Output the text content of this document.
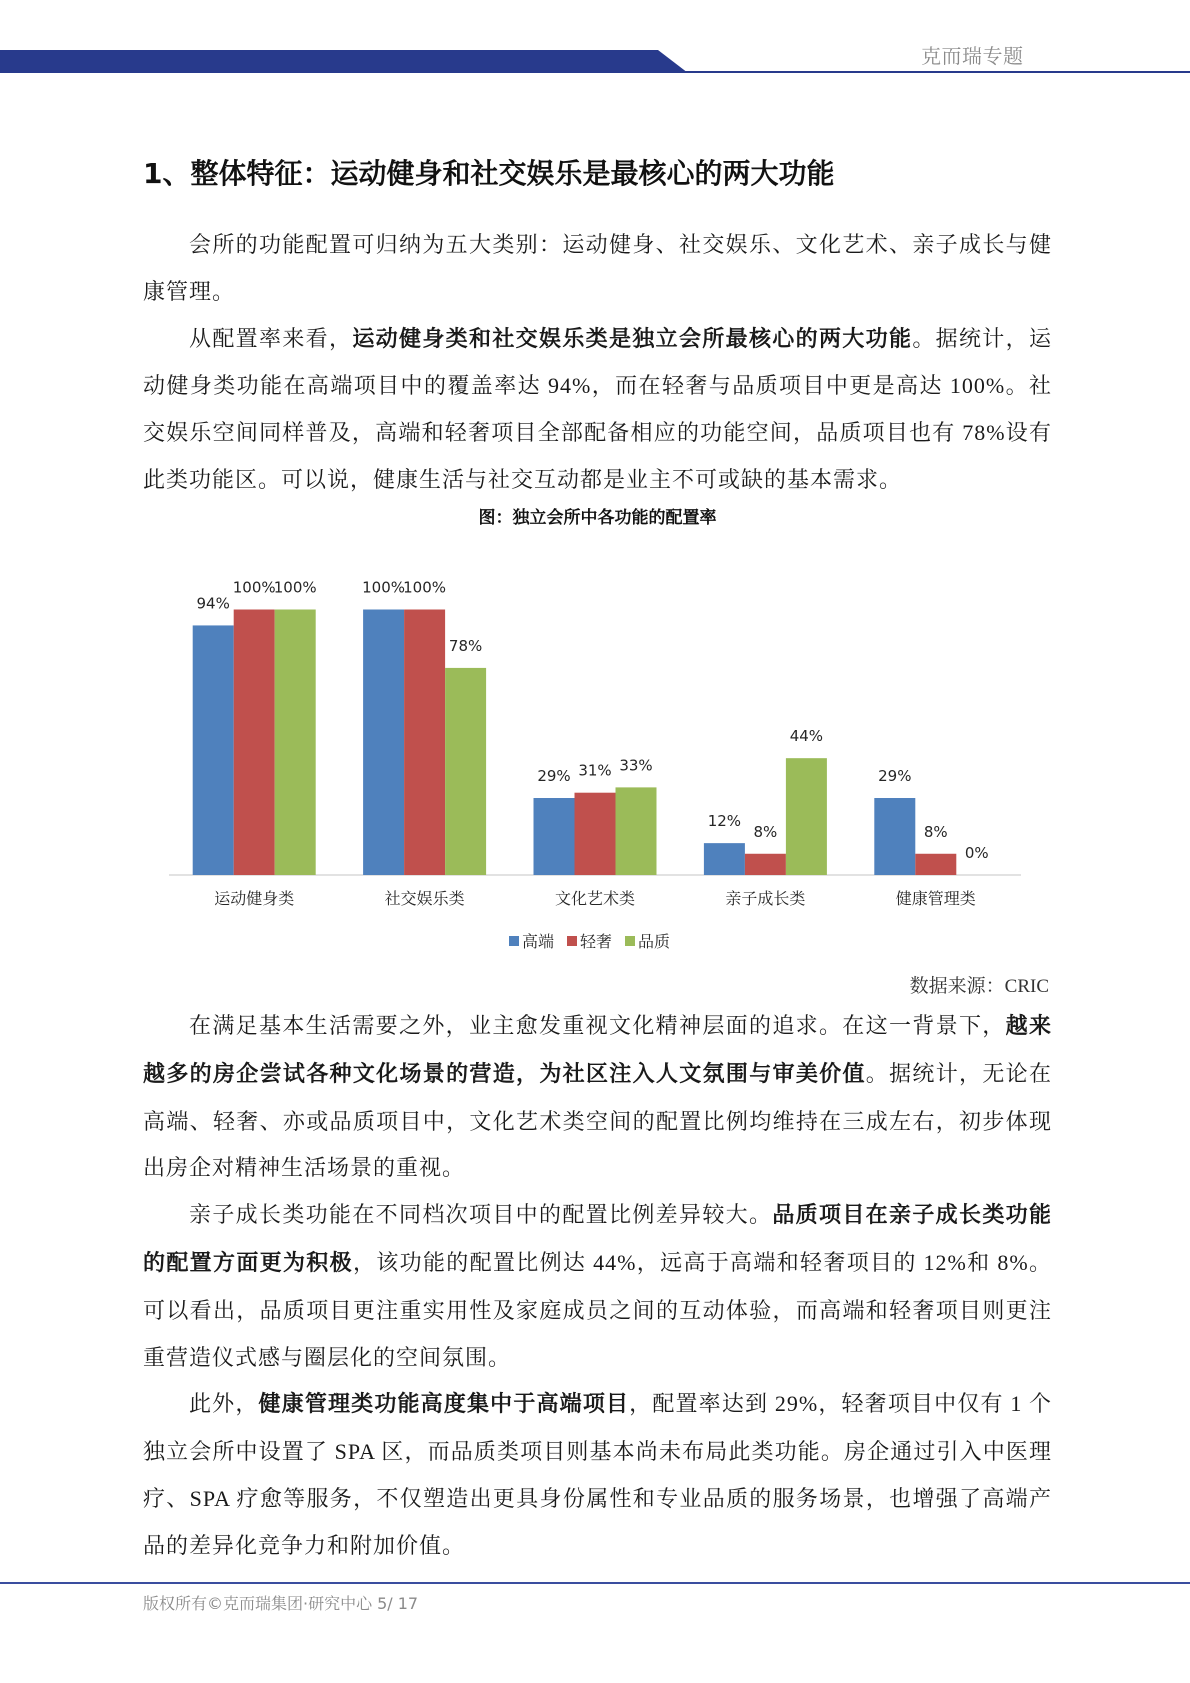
克而瑞专题
1、整体特征：运动健身和社交娱乐是最核心的两大功能

会所的功能配置可归纳为五大类别：运动健身、社交娱乐、文化艺术、亲子成长与健康管理。

从配置率来看，运动健身类和社交娱乐类是独立会所最核心的两大功能。据统计，运动健身类功能在高端项目中的覆盖率达 94%，而在轻奢与品质项目中更是高达 100%。社交娱乐空间同样普及，高端和轻奢项目全部配备相应的功能空间，品质项目也有 78%设有此类功能区。可以说，健康生活与社交互动都是业主不可或缺的基本需求。

图：独立会所中各功能的配置率
94%
100%
29%
12%
29%
100%	100%
31%
8%	8%
100%
78%
33%
44%
0%
运动健身类	社交娱乐类	文化艺术类	亲子成长类	健康管理类
高端 轻奢 品质
数据来源：CRIC

在满足基本生活需要之外，业主愈发重视文化精神层面的追求。在这一背景下，越来越多的房企尝试各种文化场景的营造，为社区注入人文氛围与审美价值。据统计，无论在高端、轻奢、亦或品质项目中，文化艺术类空间的配置比例均维持在三成左右，初步体现出房企对精神生活场景的重视。

亲子成长类功能在不同档次项目中的配置比例差异较大。品质项目在亲子成长类功能的配置方面更为积极，该功能的配置比例达 44%，远高于高端和轻奢项目的 12%和 8%。可以看出，品质项目更注重实用性及家庭成员之间的互动体验，而高端和轻奢项目则更注重营造仪式感与圈层化的空间氛围。

此外，健康管理类功能高度集中于高端项目，配置率达到 29%，轻奢项目中仅有 1 个独立会所中设置了 SPA 区，而品质类项目则基本尚未布局此类功能。房企通过引入中医理疗、SPA 疗愈等服务，不仅塑造出更具身份属性和专业品质的服务场景，也增强了高端产品的差异化竞争力和附加价值。

版权所有©克而瑞集团·研究中心 5/ 17
